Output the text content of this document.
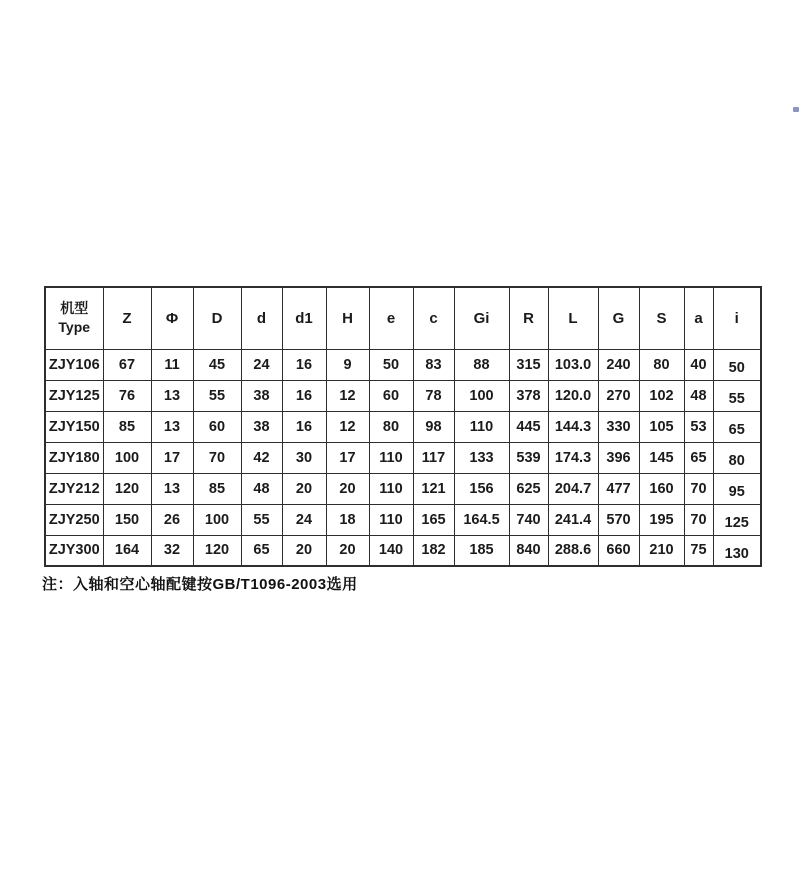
机型
Type	Z	Φ	D	d	d1	H	e	c	Gi	R	L	G	S	a	i
ZJY106	67	11	45	24	16	9	50	83	88	315	103.0	240	80	40	50
ZJY125	76	13	55	38	16	12	60	78	100	378	120.0	270	102	48	55
ZJY150	85	13	60	38	16	12	80	98	110	445	144.3	330	105	53	65
ZJY180	100	17	70	42	30	17	110	117	133	539	174.3	396	145	65	80
ZJY212	120	13	85	48	20	20	110	121	156	625	204.7	477	160	70	95
ZJY250	150	26	100	55	24	18	110	165	164.5	740	241.4	570	195	70	125
ZJY300	164	32	120	65	20	20	140	182	185	840	288.6	660	210	75	130

注：入轴和空心轴配键按GB/T1096-2003选用
